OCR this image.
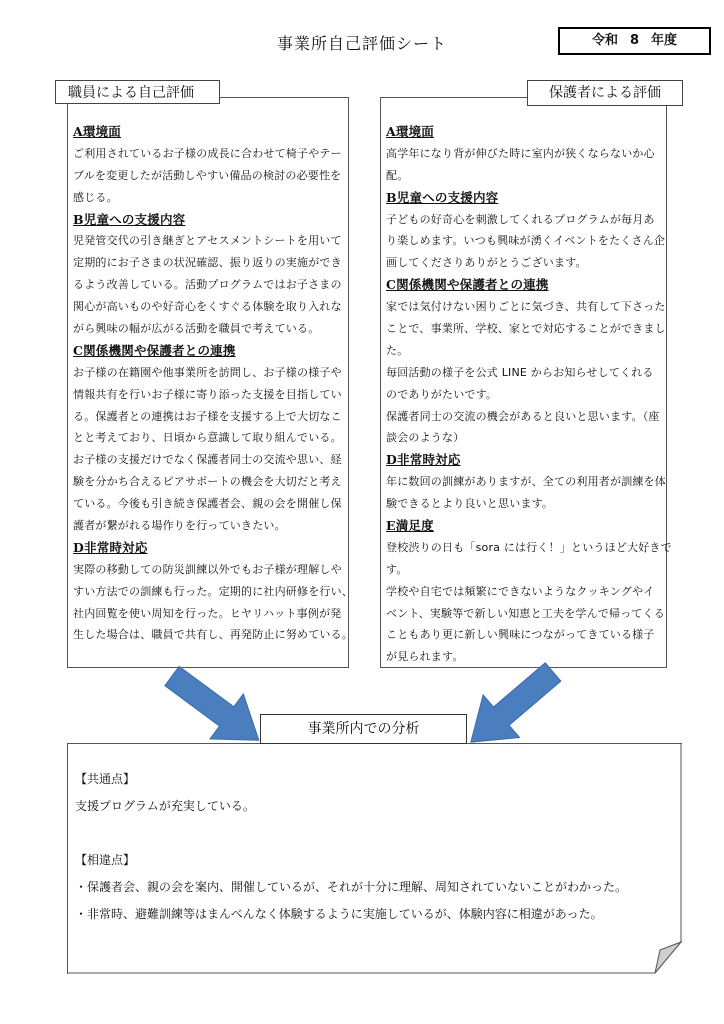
事業所自己評価シート	令和 8 年度
職員による自己評価
A環境面
ご利用されているお子様の成長に合わせて椅子やテー
ブルを変更したが活動しやすい備品の検討の必要性を
感じる。
B児童への支援内容
児発管交代の引き継ぎとアセスメントシートを用いて
定期的にお子さまの状況確認、振り返りの実施ができ
るよう改善している。活動プログラムではお子さまの
関心が高いものや好奇心をくすぐる体験を取り入れな
がら興味の幅が広がる活動を職員で考えている。
C関係機関や保護者との連携
お子様の在籍園や他事業所を訪問し、お子様の様子や
情報共有を行いお子様に寄り添った支援を目指してい
る。保護者との連携はお子様を支援する上で大切なこ
とと考えており、日頃から意識して取り組んでいる。
お子様の支援だけでなく保護者同士の交流や思い、経
験を分かち合えるピアサポートの機会を大切だと考え
ている。今後も引き続き保護者会、親の会を開催し保
護者が繋がれる場作りを行っていきたい。
D非常時対応
実際の移動しての防災訓練以外でもお子様が理解しや
すい方法での訓練も行った。定期的に社内研修を行い、
社内回覧を使い周知を行った。ヒヤリハット事例が発
生した場合は、職員で共有し、再発防止に努めている。
保護者による評価
A環境面
高学年になり背が伸びた時に室内が狭くならないか心
配。
B児童への支援内容
子どもの好奇心を刺激してくれるプログラムが毎月あ
り楽しめます。いつも興味が湧くイベントをたくさん企
画してくださりありがとうございます。
C関係機関や保護者との連携
家では気付けない困りごとに気づき、共有して下さった
ことで、事業所、学校、家とで対応することができまし
た。
毎回活動の様子を公式 LINE からお知らせしてくれる
のでありがたいです。
保護者同士の交流の機会があると良いと思います。（座
談会のような）
D非常時対応
年に数回の訓練がありますが、全ての利用者が訓練を体
験できるとより良いと思います。
E満足度
登校渋りの日も「sora には行く！」というほど大好きで
す。
学校や自宅では頻繁にできないようなクッキングやイ
ベント、実験等で新しい知恵と工夫を学んで帰ってくる
こともあり更に新しい興味につながってきている様子
が見られます。
事業所内での分析
【共通点】
支援プログラムが充実している。
【相違点】
・保護者会、親の会を案内、開催しているが、それが十分に理解、周知されていないことがわかった。
・非常時、避難訓練等はまんべんなく体験するように実施しているが、体験内容に相違があった。
